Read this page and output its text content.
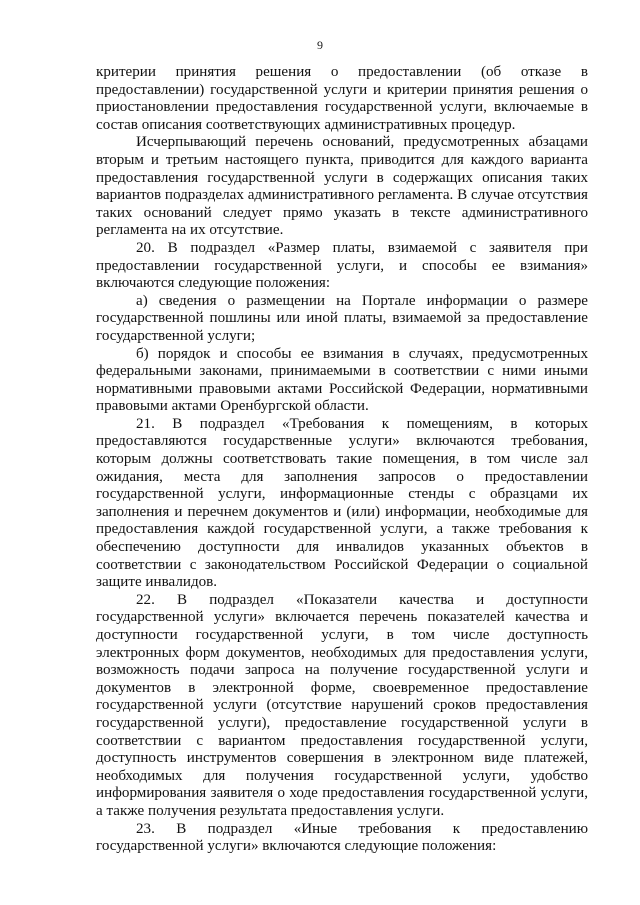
9

критерии принятия решения о предоставлении (об отказе в предоставлении) государственной услуги и критерии принятия решения о приостановлении предоставления государственной услуги, включаемые в состав описания соответствующих административных процедур.

Исчерпывающий перечень оснований, предусмотренных абзацами вторым и третьим настоящего пункта, приводится для каждого варианта предоставления государственной услуги в содержащих описания таких вариантов подразделах административного регламента. В случае отсутствия таких оснований следует прямо указать в тексте административного регламента на их отсутствие.

20. В подраздел «Размер платы, взимаемой с заявителя при предоставлении государственной услуги, и способы ее взимания» включаются следующие положения:

а) сведения о размещении на Портале информации о размере государственной пошлины или иной платы, взимаемой за предоставление государственной услуги;

б) порядок и способы ее взимания в случаях, предусмотренных федеральными законами, принимаемыми в соответствии с ними иными нормативными правовыми актами Российской Федерации, нормативными правовыми актами Оренбургской области.

21. В подраздел «Требования к помещениям, в которых предоставляются государственные услуги» включаются требования, которым должны соответствовать такие помещения, в том числе зал ожидания, места для заполнения запросов о предоставлении государственной услуги, информационные стенды с образцами их заполнения и перечнем документов и (или) информации, необходимые для предоставления каждой государственной услуги, а также требования к обеспечению доступности для инвалидов указанных объектов в соответствии с законодательством Российской Федерации о социальной защите инвалидов.

22. В подраздел «Показатели качества и доступности государственной услуги» включается перечень показателей качества и доступности государственной услуги, в том числе доступность электронных форм документов, необходимых для предоставления услуги, возможность подачи запроса на получение государственной услуги и документов в электронной форме, своевременное предоставление государственной услуги (отсутствие нарушений сроков предоставления государственной услуги), предоставление государственной услуги в соответствии с вариантом предоставления государственной услуги, доступность инструментов совершения в электронном виде платежей, необходимых для получения государственной услуги, удобство информирования заявителя о ходе предоставления государственной услуги, а также получения результата предоставления услуги.

23. В подраздел «Иные требования к предоставлению государственной услуги» включаются следующие положения:
